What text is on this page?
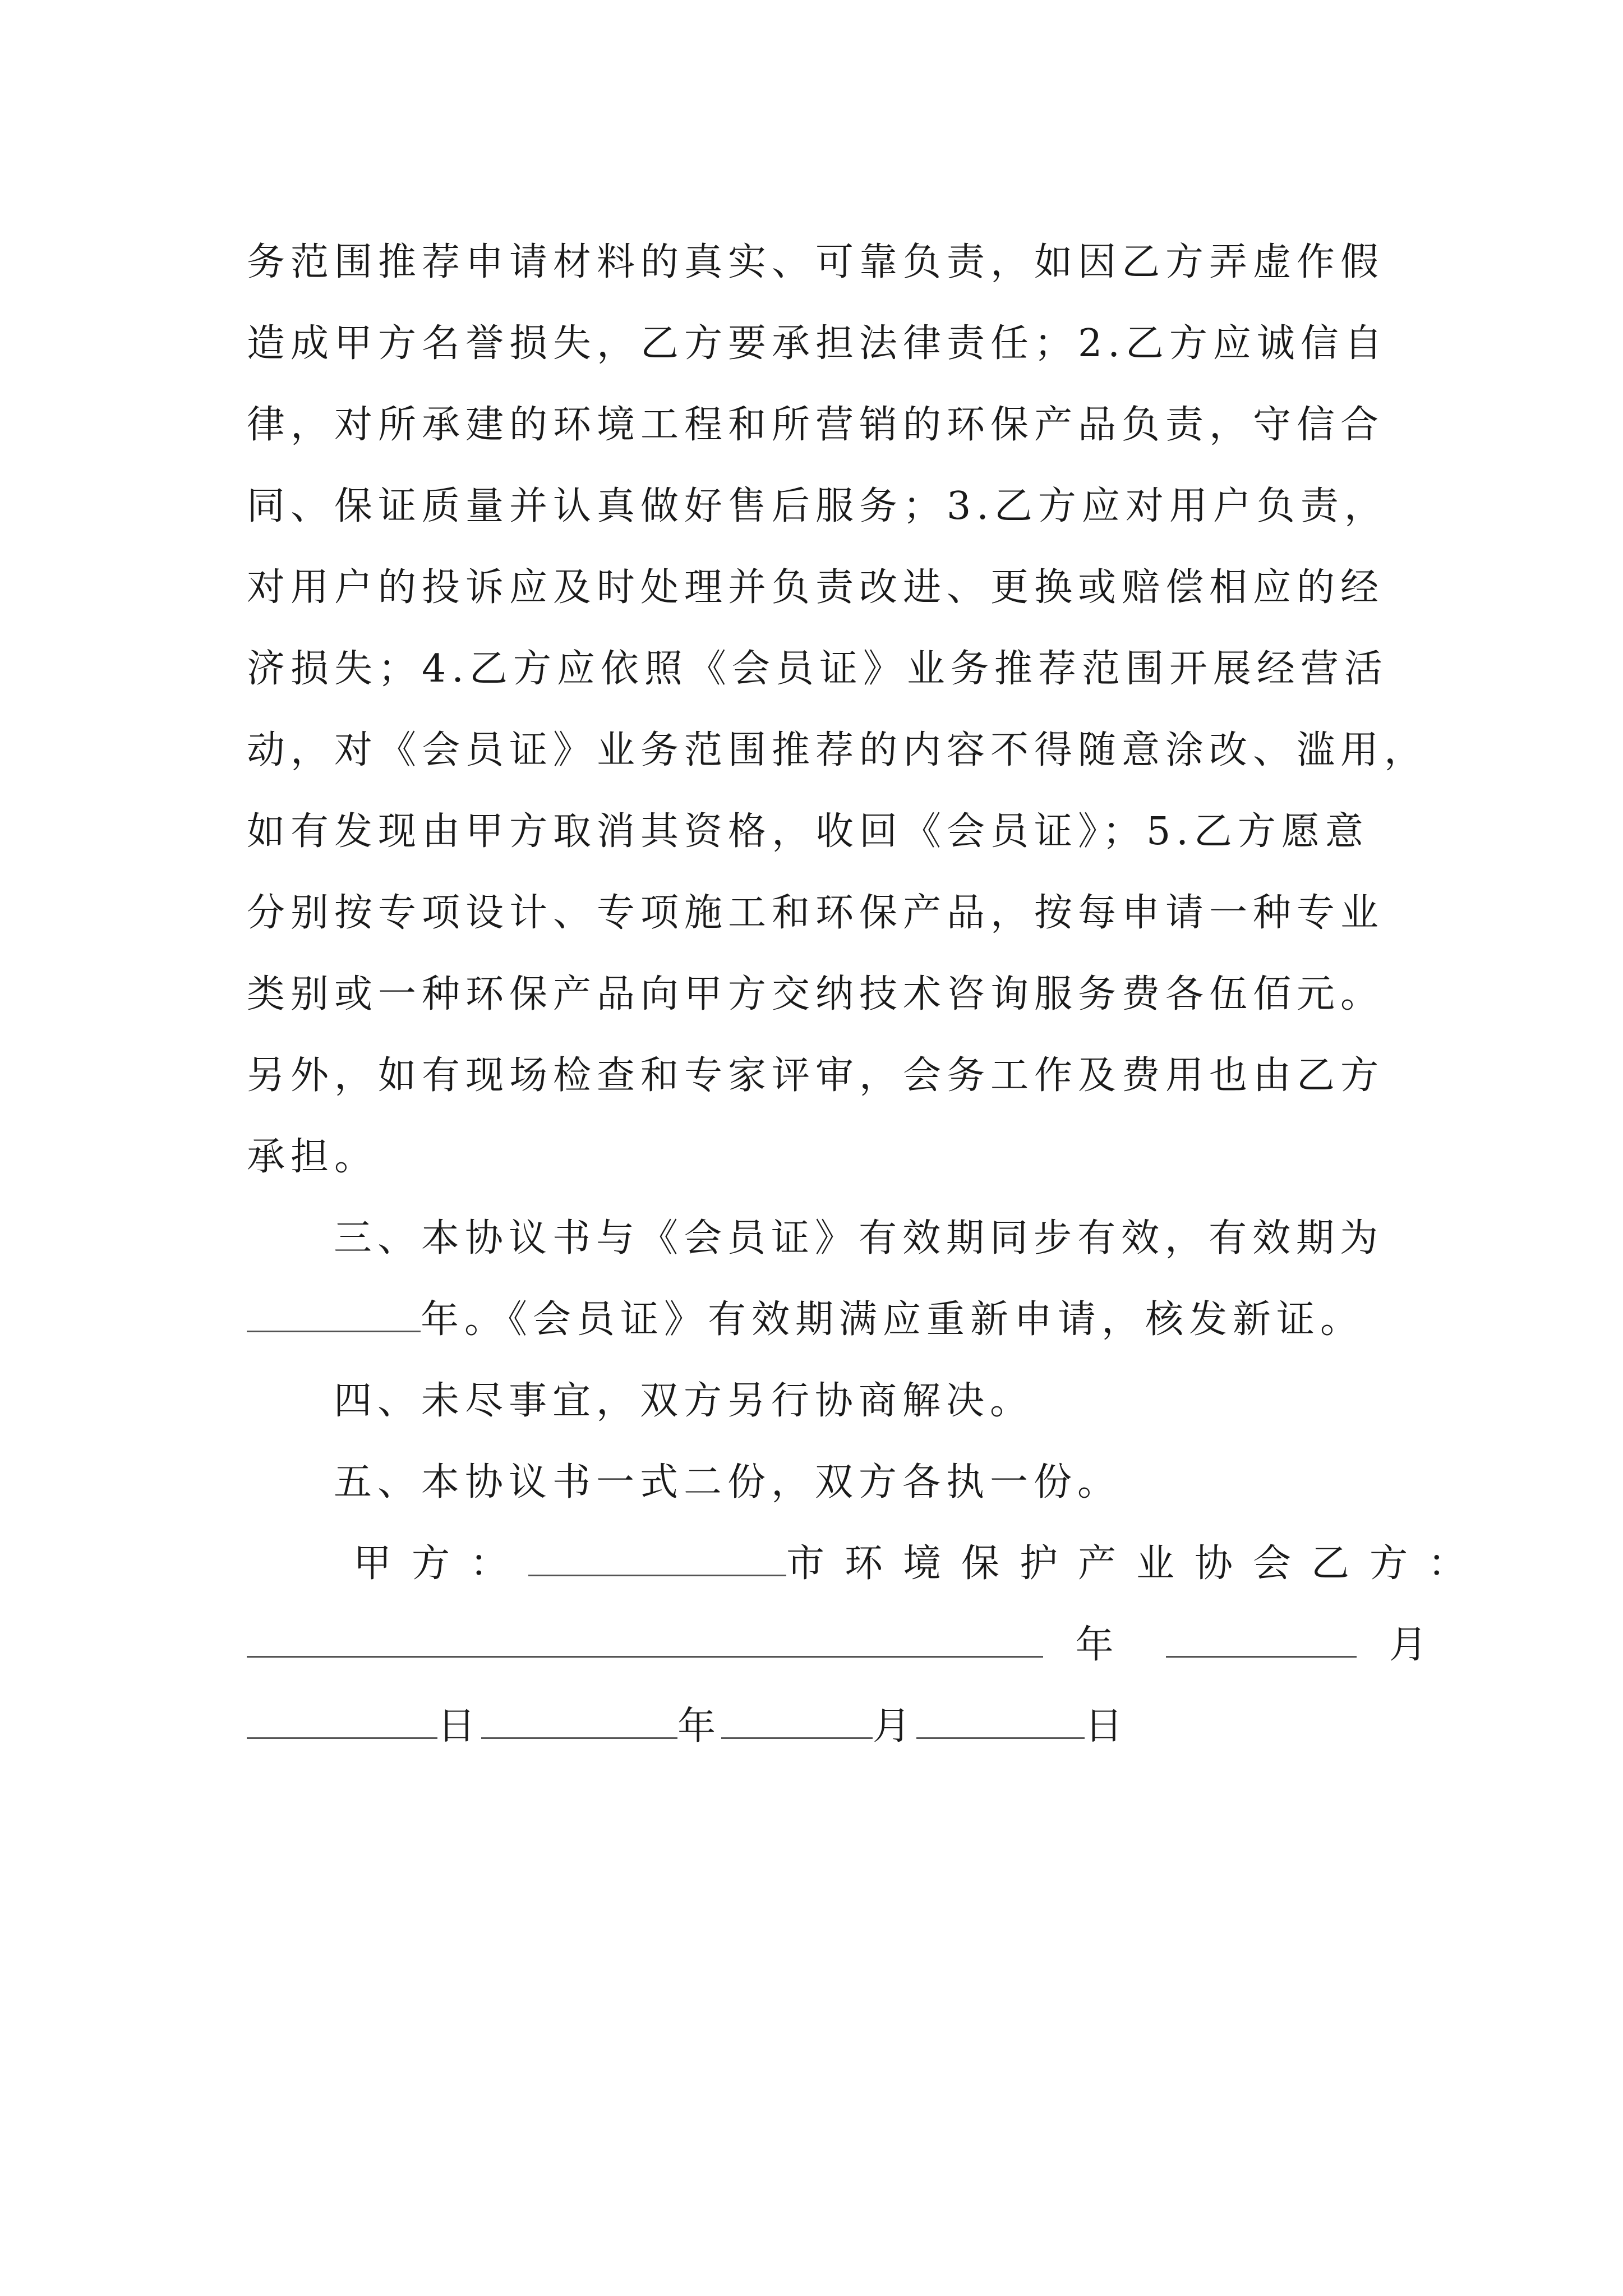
务范围推荐申请材料的真实、可靠负责，如因乙方弄虚作假
造成甲方名誉损失，乙方要承担法律责任；2.乙方应诚信自
律，对所承建的环境工程和所营销的环保产品负责，守信合
同、保证质量并认真做好售后服务；3.乙方应对用户负责，
对用户的投诉应及时处理并负责改进、更换或赔偿相应的经
济损失；4.乙方应依照《会员证》业务推荐范围开展经营活
动，对《会员证》业务范围推荐的内容不得随意涂改、滥用，
如有发现由甲方取消其资格，收回《会员证》；5.乙方愿意
分别按专项设计、专项施工和环保产品，按每申请一种专业
类别或一种环保产品向甲方交纳技术咨询服务费各伍佰元。
另外，如有现场检查和专家评审，会务工作及费用也由乙方
承担。
三、本协议书与《会员证》有效期同步有效，有效期为
年。《会员证》有效期满应重新申请，核发新证。
四、未尽事宜，双方另行协商解决。
五、本协议书一式二份，双方各执一份。
甲方：	市环境保护产业协会乙方：
年	月
日	年	月	日
